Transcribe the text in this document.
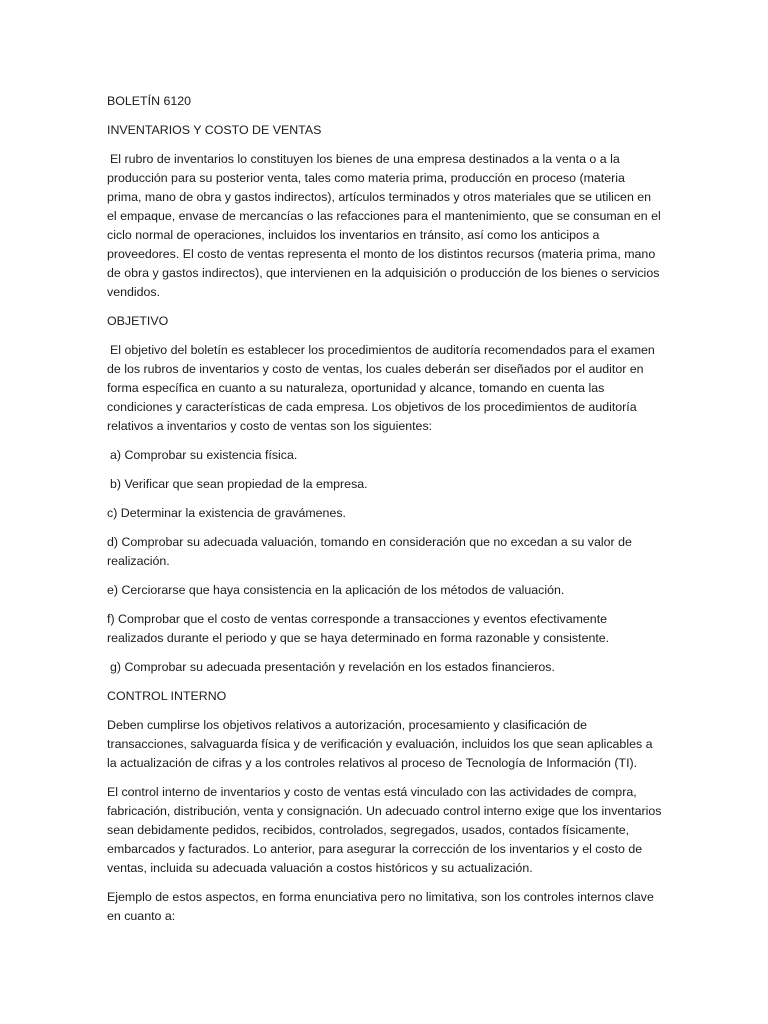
BOLETÍN 6120

INVENTARIOS Y COSTO DE VENTAS

El rubro de inventarios lo constituyen los bienes de una empresa destinados a la venta o a la producción para su posterior venta, tales como materia prima, producción en proceso (materia prima, mano de obra y gastos indirectos), artículos terminados y otros materiales que se utilicen en el empaque, envase de mercancías o las refacciones para el mantenimiento, que se consuman en el ciclo normal de operaciones, incluidos los inventarios en tránsito, así como los anticipos a proveedores. El costo de ventas representa el monto de los distintos recursos (materia prima, mano de obra y gastos indirectos), que intervienen en la adquisición o producción de los bienes o servicios vendidos.

OBJETIVO

El objetivo del boletín es establecer los procedimientos de auditoría recomendados para el examen de los rubros de inventarios y costo de ventas, los cuales deberán ser diseñados por el auditor en forma específica en cuanto a su naturaleza, oportunidad y alcance, tomando en cuenta las condiciones y características de cada empresa. Los objetivos de los procedimientos de auditoría relativos a inventarios y costo de ventas son los siguientes:

a) Comprobar su existencia física.

b) Verificar que sean propiedad de la empresa.

c) Determinar la existencia de gravámenes.

d) Comprobar su adecuada valuación, tomando en consideración que no excedan a su valor de realización.

e) Cerciorarse que haya consistencia en la aplicación de los métodos de valuación.

f) Comprobar que el costo de ventas corresponde a transacciones y eventos efectivamente realizados durante el periodo y que se haya determinado en forma razonable y consistente.

g) Comprobar su adecuada presentación y revelación en los estados financieros.

CONTROL INTERNO

Deben cumplirse los objetivos relativos a autorización, procesamiento y clasificación de transacciones, salvaguarda física y de verificación y evaluación, incluidos los que sean aplicables a la actualización de cifras y a los controles relativos al proceso de Tecnología de Información (TI).

El control interno de inventarios y costo de ventas está vinculado con las actividades de compra, fabricación, distribución, venta y consignación. Un adecuado control interno exige que los inventarios sean debidamente pedidos, recibidos, controlados, segregados, usados, contados físicamente, embarcados y facturados. Lo anterior, para asegurar la corrección de los inventarios y el costo de ventas, incluida su adecuada valuación a costos históricos y su actualización.

Ejemplo de estos aspectos, en forma enunciativa pero no limitativa, son los controles internos clave en cuanto a:
